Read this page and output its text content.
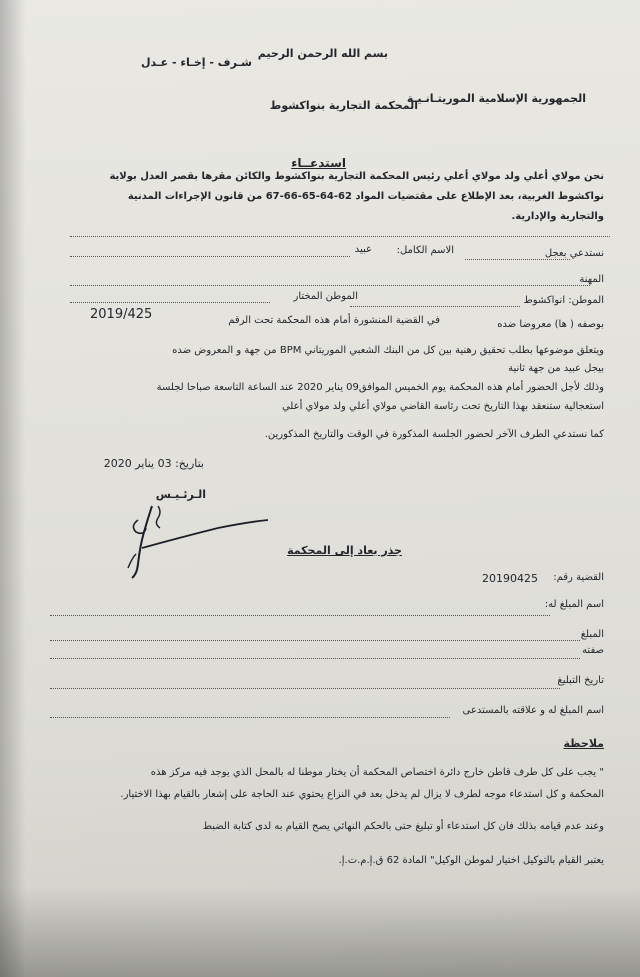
بسم الله الرحمن الرحيم
شـرف - إخـاء - عـدل
الجمهورية الإسلامية الموريتـانـيـة
المحكمة التجارية بنواكشوط
استدعــاء
نحن مولاي أعلي ولد مولاي أعلي رئيس المحكمة التجارية بنواكشوط والكائن مقرها بقصر العدل بولاية
نواكشوط الغربية، بعد الإطلاع على مقتضيات المواد 62-64-65-66-67 من قانون الإجراءات المدنية
والتجارية والإدارية.
نستدعي بعجل
الاسم الكامل:
عبيد
المهنة
الموطن: انواكشوط
الموطن المختار
بوصفه ( ها) معروضا ضده
في القضية المنشورة أمام هذه المحكمة تحت الرقم
2019/425
ويتعلق موضوعها بطلب تحقيق رهنية بين كل من البنك الشعبي الموريتاني BPM من جهة و المعروض ضده
بيجل عبيد من جهة ثانية
وذلك لأجل الحضور أمام هذه المحكمة يوم الخميس الموافق09 يناير 2020 عند الساعة التاسعة صباحا لجلسة
استعجالية ستنعقد بهذا التاريخ تحت رئاسة القاضي مولاي أعلي ولد مولاي أعلي
كما نستدعي الطرف الآخر لحضور الجلسة المذكورة في الوقت والتاريخ المذكورين.
بتاريخ: 03 يناير 2020
الـرئـيـس
جذر يعاد إلى المحكمة
القضية رقم:
20190425
اسم المبلغ له:
المبلغ
صفته
تاريخ التبليغ
اسم المبلغ له و علاقته بالمستدعى
ملاحظة
" يجب على كل طرف قاطن خارج دائرة اختصاص المحكمة أن يختار موطنا له بالمحل الذي يوجد فيه مركز هذه
المحكمة و كل استدعاء موجه لطرف لا يزال لم يدخل بعد في النزاع يحتوي عند الحاجة على إشعار بالقيام بهذا الاختيار.
وعند عدم قيامه بذلك فان كل استدعاء أو تبليغ حتى بالحكم النهائي يصح القيام به لدى كتابة الضبط
يعتبر القيام بالتوكيل اختيار لموطن الوكيل" المادة 62 ق.إ.م.ت.إ.
